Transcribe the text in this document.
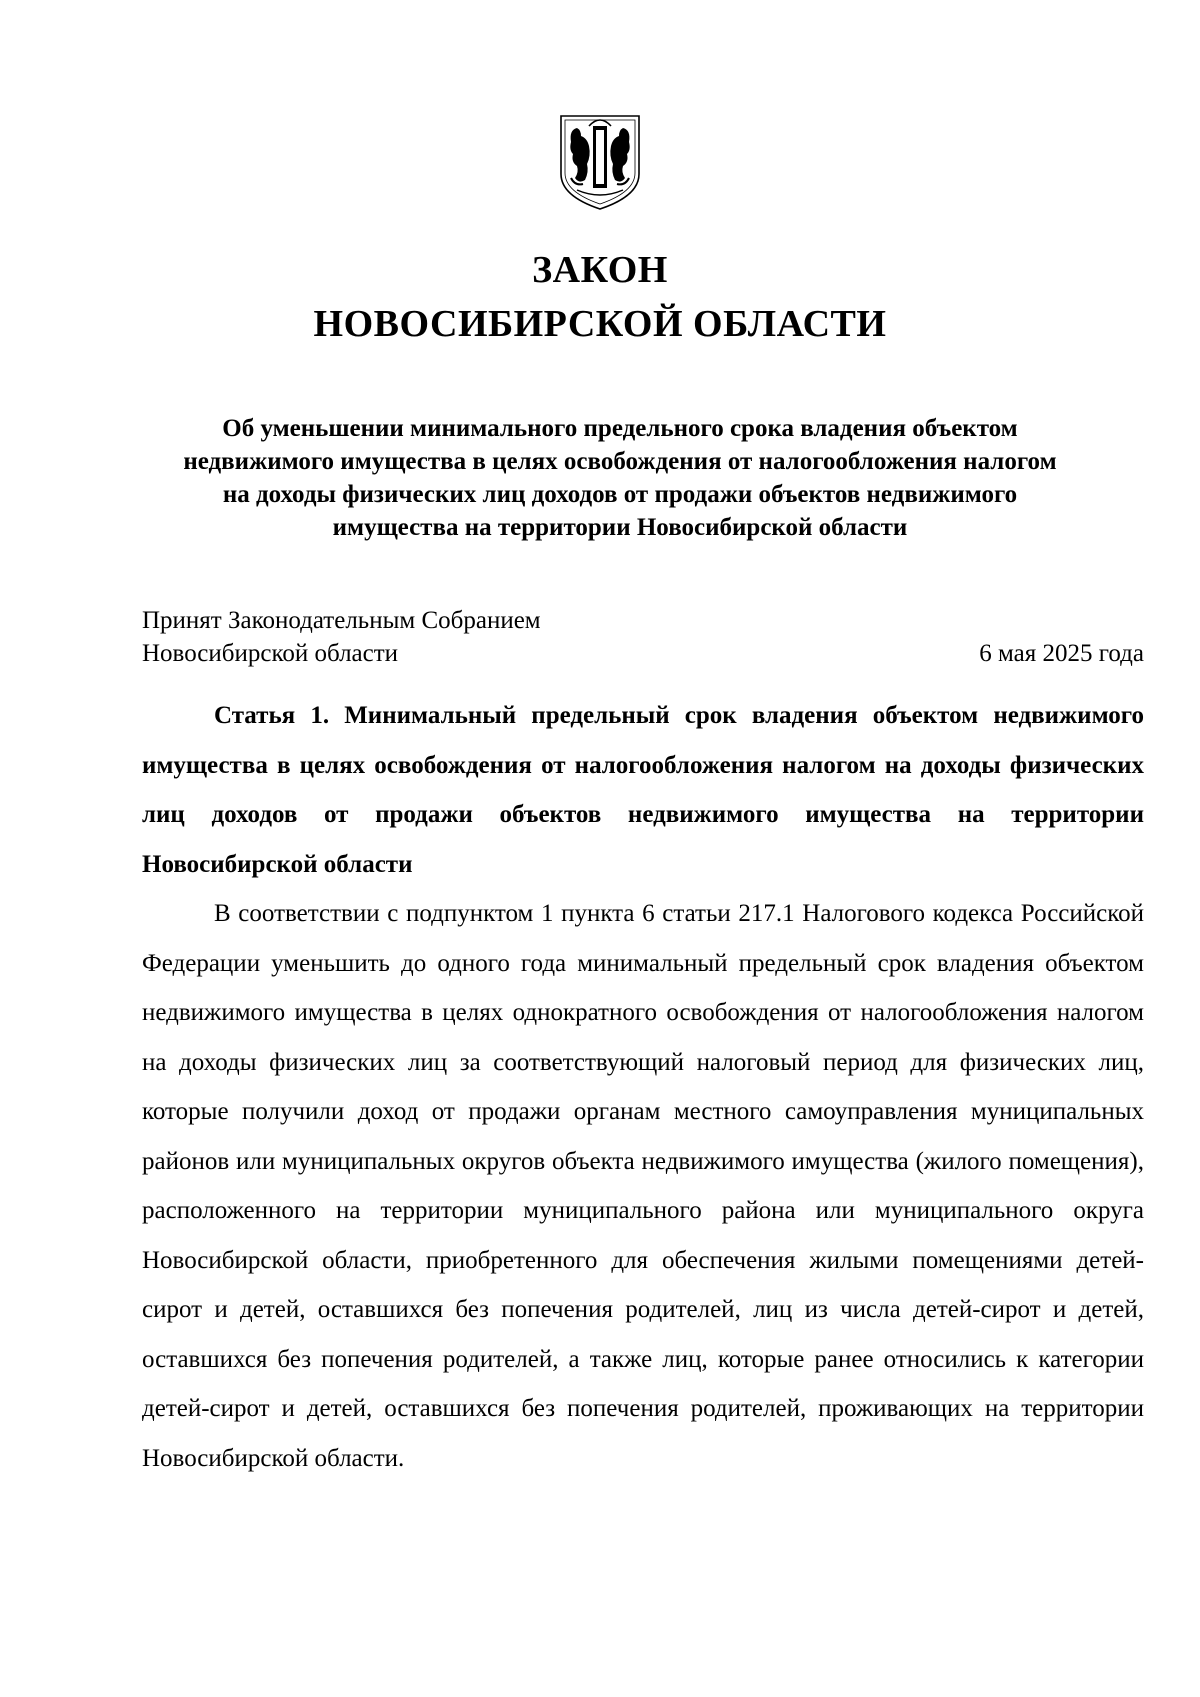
ЗАКОН
НОВОСИБИРСКОЙ ОБЛАСТИ
Об уменьшении минимального предельного срока владения объектом
недвижимого имущества в целях освобождения от налогообложения налогом
на доходы физических лиц доходов от продажи объектов недвижимого
имущества на территории Новосибирской области
Принят Законодательным Собранием
Новосибирской области	6 мая 2025 года

Статья 1. Минимальный предельный срок владения объектом недвижимого имущества в целях освобождения от налогообложения налогом на доходы физических лиц доходов от продажи объектов недвижимого имущества на территории Новосибирской области

В соответствии с подпунктом 1 пункта 6 статьи 217.1 Налогового кодекса Российской Федерации уменьшить до одного года минимальный предельный срок владения объектом недвижимого имущества в целях однократного освобождения от налогообложения налогом на доходы физических лиц за соответствующий налоговый период для физических лиц, которые получили доход от продажи органам местного самоуправления муниципальных районов или муниципальных округов объекта недвижимого имущества (жилого помещения), расположенного на территории муниципального района или муниципального округа Новосибирской области, приобретенного для обеспечения жилыми помещениями детей-сирот и детей, оставшихся без попечения родителей, лиц из числа детей-сирот и детей, оставшихся без попечения родителей, а также лиц, которые ранее относились к категории детей-сирот и детей, оставшихся без попечения родителей, проживающих на территории Новосибирской области.
